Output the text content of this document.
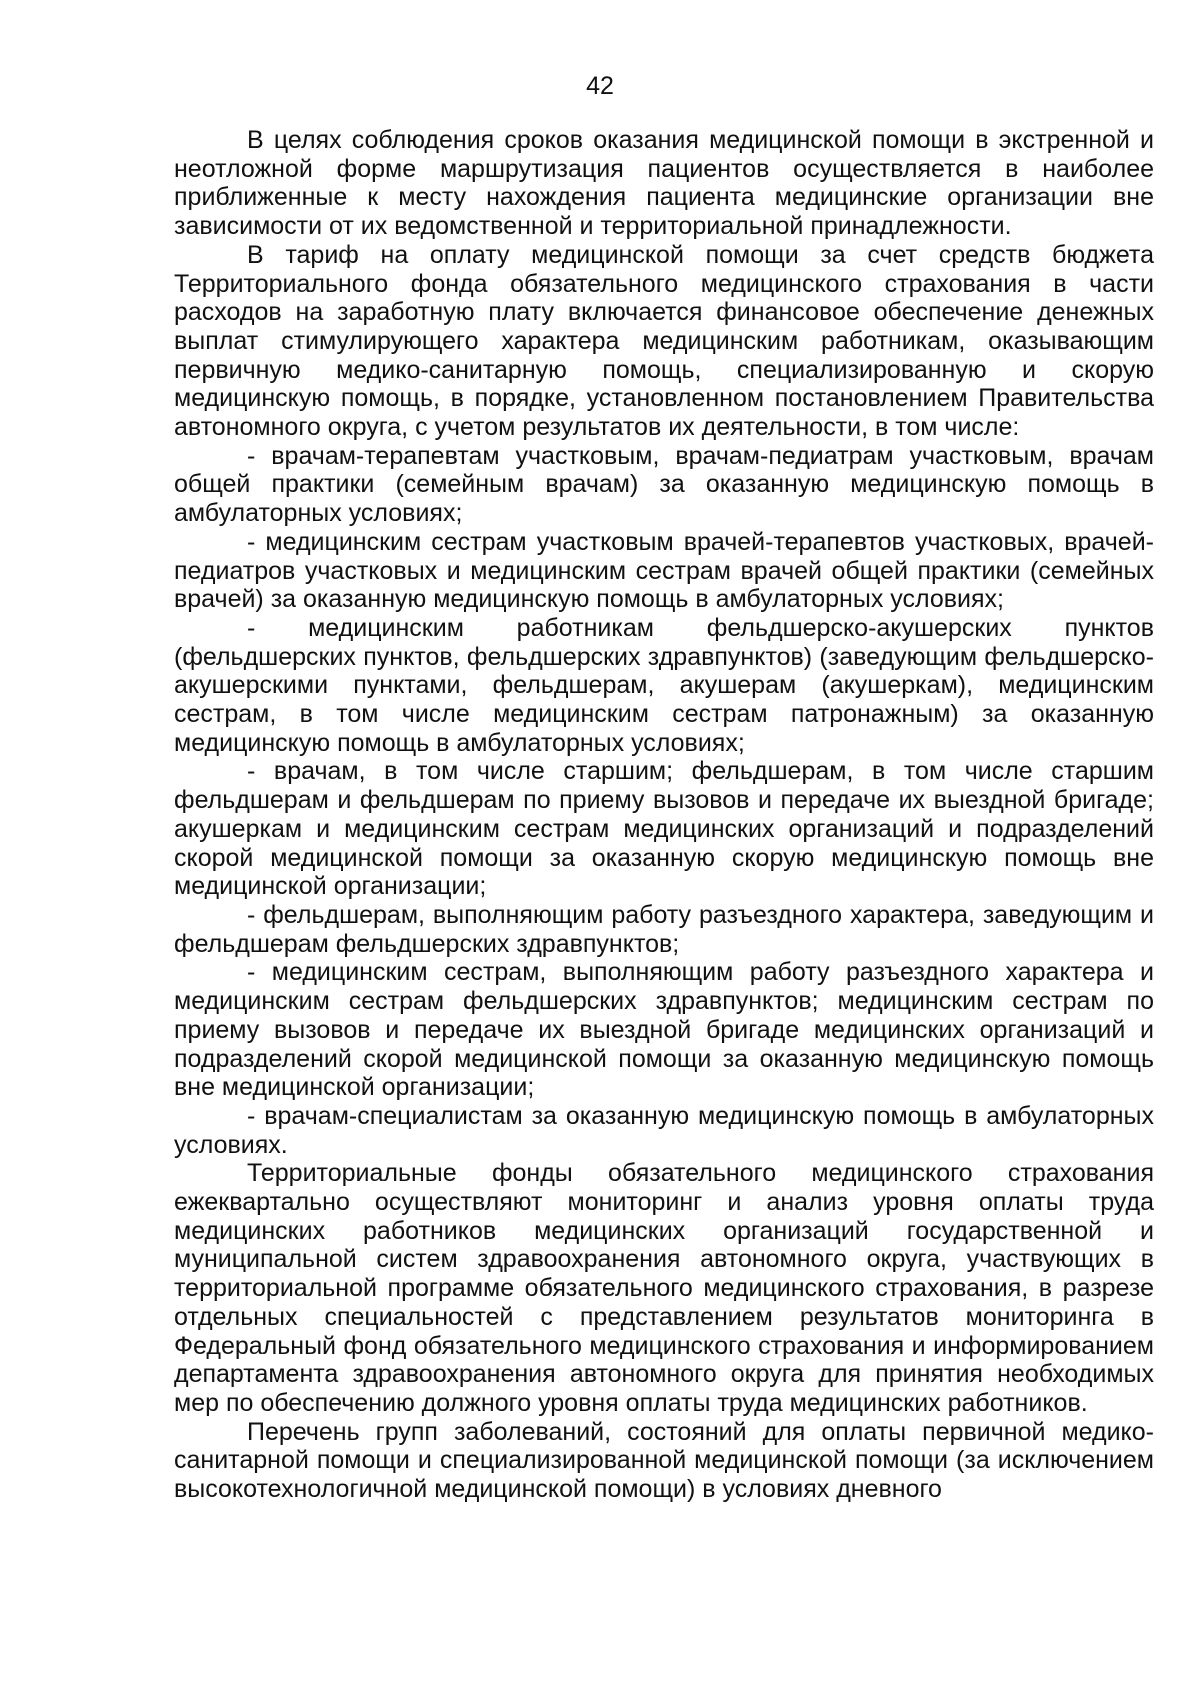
42

В целях соблюдения сроков оказания медицинской помощи в экстренной и неотложной форме маршрутизация пациентов осуществляется в наиболее приближенные к месту нахождения пациента медицинские организации вне зависимости от их ведомственной и территориальной принадлежности.

В тариф на оплату медицинской помощи за счет средств бюджета Территориального фонда обязательного медицинского страхования в части расходов на заработную плату включается финансовое обеспечение денежных выплат стимулирующего характера медицинским работникам, оказывающим первичную медико-санитарную помощь, специализированную и скорую медицинскую помощь, в порядке, установленном постановлением Правительства автономного округа, с учетом результатов их деятельности, в том числе:

- врачам-терапевтам участковым, врачам-педиатрам участковым, врачам общей практики (семейным врачам) за оказанную медицинскую помощь в амбулаторных условиях;

- медицинским сестрам участковым врачей-терапевтов участковых, врачей-педиатров участковых и медицинским сестрам врачей общей практики (семейных врачей) за оказанную медицинскую помощь в амбулаторных условиях;

- медицинским работникам фельдшерско-акушерских пунктов (фельдшерских пунктов, фельдшерских здравпунктов) (заведующим фельдшерско-акушерскими пунктами, фельдшерам, акушерам (акушеркам), медицинским сестрам, в том числе медицинским сестрам патронажным) за оказанную медицинскую помощь в амбулаторных условиях;

- врачам, в том числе старшим; фельдшерам, в том числе старшим фельдшерам и фельдшерам по приему вызовов и передаче их выездной бригаде; акушеркам и медицинским сестрам медицинских организаций и подразделений скорой медицинской помощи за оказанную скорую медицинскую помощь вне медицинской организации;

- фельдшерам, выполняющим работу разъездного характера, заведующим и фельдшерам фельдшерских здравпунктов;

- медицинским сестрам, выполняющим работу разъездного характера и медицинским сестрам фельдшерских здравпунктов; медицинским сестрам по приему вызовов и передаче их выездной бригаде медицинских организаций и подразделений скорой медицинской помощи за оказанную медицинскую помощь вне медицинской организации;

- врачам-специалистам за оказанную медицинскую помощь в амбулаторных условиях.

Территориальные фонды обязательного медицинского страхования ежеквартально осуществляют мониторинг и анализ уровня оплаты труда медицинских работников медицинских организаций государственной и муниципальной систем здравоохранения автономного округа, участвующих в территориальной программе обязательного медицинского страхования, в разрезе отдельных специальностей с представлением результатов мониторинга в Федеральный фонд обязательного медицинского страхования и информированием департамента здравоохранения автономного округа для принятия необходимых мер по обеспечению должного уровня оплаты труда медицинских работников.

Перечень групп заболеваний, состояний для оплаты первичной медико-санитарной помощи и специализированной медицинской помощи (за исключением высокотехнологичной медицинской помощи) в условиях дневного
